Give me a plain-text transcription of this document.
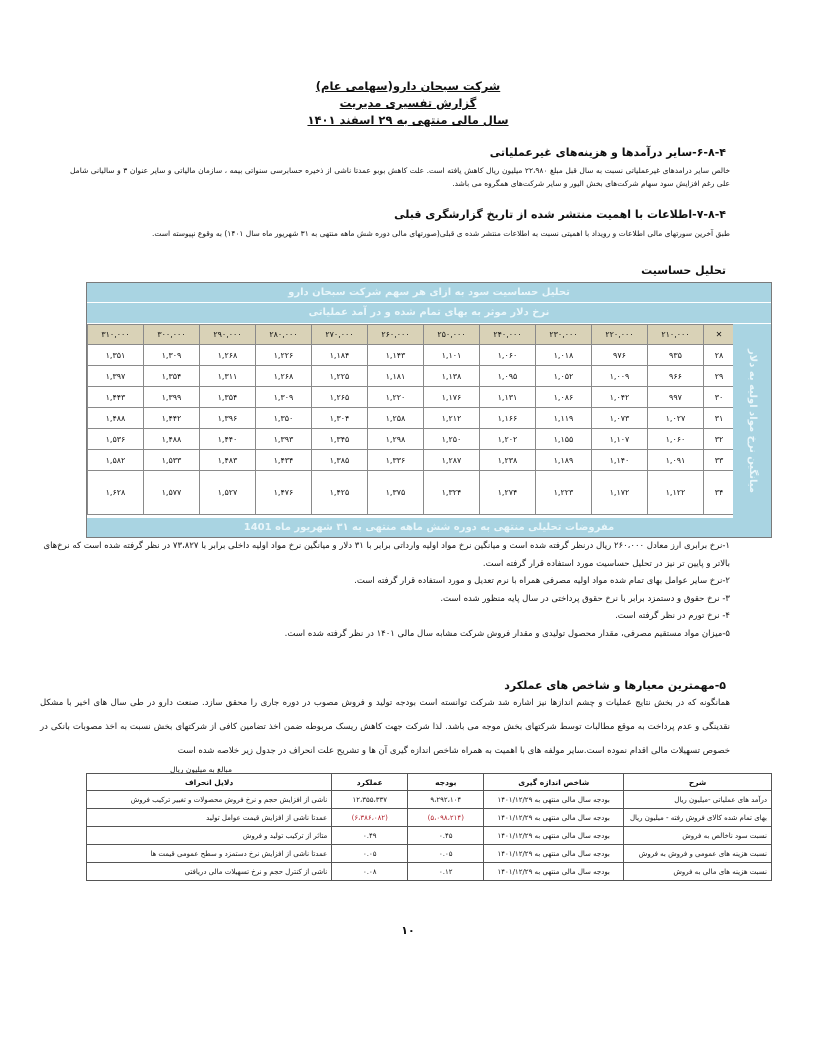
شرکت سبحان دارو(سهامی عام)
گزارش تفسیری مدیریت
سال مالی منتهی به ۲۹ اسفند ۱۴۰۱
۶-۸-۴-سایر درآمدها و هزینه‌های غیرعملیاتی
خالص سایر درامدهای غیرعملیاتی نسبت به سال قبل مبلغ ۲۲،۹۸۰ میلیون ریال کاهش یافته است. علت کاهش بوبو عمدتا ناشی از ذخیره حسابرسی سنواتی بیمه ، سازمان مالیاتی و سایر عنوان ۳ و سالیانی شامل علی رغم افزایش سود سهام شرکت‌های بخش الیور و سایر شرکت‌های همگروه می باشد.
۷-۸-۴-اطلاعات با اهمیت منتشر شده از تاریخ گزارشگری قبلی
طبق آخرین سورتهای مالی اطلاعات و رویداد با اهمیتی نسبت به اطلاعات منتشر شده ی قبلی(صورتهای مالی دوره شش ماهه منتهی به ۳۱ شهریور ماه سال ۱۴۰۱) به وقوع نپیوسته است.
تحلیل حساسیت
تحلیل حساسیت سود به ازای هر سهم شرکت سبحان دارو
نرخ دلار موثر به بهای تمام شده و در آمد عملیاتی
✕	۲۱۰,۰۰۰	۲۲۰,۰۰۰	۲۳۰,۰۰۰	۲۴۰,۰۰۰	۲۵۰,۰۰۰	۲۶۰,۰۰۰	۲۷۰,۰۰۰	۲۸۰,۰۰۰	۲۹۰,۰۰۰	۳۰۰,۰۰۰	۳۱۰,۰۰۰
۲۸	۹۳۵	۹۷۶	۱,۰۱۸	۱,۰۶۰	۱,۱۰۱	۱,۱۴۳	۱,۱۸۴	۱,۲۲۶	۱,۲۶۸	۱,۳۰۹	۱,۳۵۱
۲۹	۹۶۶	۱,۰۰۹	۱,۰۵۲	۱,۰۹۵	۱,۱۳۸	۱,۱۸۱	۱,۲۲۵	۱,۲۶۸	۱,۳۱۱	۱,۳۵۴	۱,۳۹۷
۳۰	۹۹۷	۱,۰۴۲	۱,۰۸۶	۱,۱۳۱	۱,۱۷۶	۱,۲۲۰	۱,۲۶۵	۱,۳۰۹	۱,۳۵۴	۱,۳۹۹	۱,۴۴۳
۳۱	۱,۰۲۷	۱,۰۷۳	۱,۱۱۹	۱,۱۶۶	۱,۲۱۲	۱,۲۵۸	۱,۳۰۴	۱,۳۵۰	۱,۳۹۶	۱,۴۴۲	۱,۴۸۸
۳۲	۱,۰۶۰	۱,۱۰۷	۱,۱۵۵	۱,۲۰۲	۱,۲۵۰	۱,۲۹۸	۱,۳۴۵	۱,۳۹۳	۱,۴۴۰	۱,۴۸۸	۱,۵۳۶
۳۳	۱,۰۹۱	۱,۱۴۰	۱,۱۸۹	۱,۲۳۸	۱,۲۸۷	۱,۳۳۶	۱,۳۸۵	۱,۴۳۴	۱,۴۸۳	۱,۵۳۳	۱,۵۸۲
۳۴	۱,۱۲۲	۱,۱۷۲	۱,۲۲۳	۱,۲۷۴	۱,۳۲۴	۱,۳۷۵	۱,۴۲۵	۱,۴۷۶	۱,۵۲۷	۱,۵۷۷	۱,۶۲۸	میانگین نرخ مواد اولیه به دلار
مفروضات تحلیلی منتهی به دوره شش ماهه منتهی به ۳۱ شهریور ماه 1401
۱-نرخ برابری ارز معادل ۲۶۰،۰۰۰ ریال درنظر گرفته شده است و میانگین نرخ مواد اولیه وارداتی برابر با ۳۱ دلار و میانگین نرخ مواد اولیه داخلی برابر با ۷۳،۸۲۷ در نظر گرفته شده است که نرخ‌های بالاتر و پایین تر نیز در تحلیل حساسیت مورد استفاده قرار گرفته است.
۲-نرخ سایر عوامل بهای تمام شده مواد اولیه مصرفی همراه با نرم تعدیل و مورد استفاده قرار گرفته است.
۳- نرخ حقوق و دستمزد برابر با نرخ حقوق پرداختی در سال پایه منظور شده است.
۴- نرخ تورم در نظر گرفته است.
۵-میزان مواد مستقیم مصرفی، مقدار محصول تولیدی و مقدار فروش شرکت مشابه سال مالی ۱۴۰۱ در نظر گرفته شده است.
۵-مهمترین معیارها و شاخص های عملکرد
همانگونه که در بخش نتایج عملیات و چشم اندازها نیز اشاره شد شرکت توانسته است بودجه تولید و فروش مصوب در دوره جاری را محقق سازد. صنعت دارو در طی سال های اخیر با مشکل نقدینگی و عدم پرداخت به موقع مطالبات توسط شرکتهای بخش موجه می باشد. لذا شرکت جهت کاهش ریسک مربوطه ضمن اخذ تضامین کافی از شرکتهای بخش نسبت به اخذ مصوبات بانکی در خصوص تسهیلات مالی اقدام نموده است.سایر مولفه های با اهمیت به همراه شاخص اندازه گیری آن ها و تشریح علت انحراف در جدول زیر خلاصه شده است
مبالغ به میلیون ریال
شرح	شاخص اندازه گیری	بودجه	عملکرد	دلایل انحراف
درآمد های عملیاتی -میلیون ریال	بودجه سال مالی منتهی به ۱۴۰۱/۱۲/۲۹	۹،۲۹۲،۱۰۴	۱۲،۳۵۵،۳۳۷	ناشی از افزایش حجم و نرخ فروش محصولات و تغییر ترکیب فروش
بهای تمام شده کالای فروش رفته - میلیون ریال	بودجه سال مالی منتهی به ۱۴۰۱/۱۲/۲۹	(۵،۰۹۸،۲۱۴)	(۶،۳۸۶،۰۸۲)	عمدتا ناشی از افزایش قیمت عوامل تولید
نسبت سود ناخالص به فروش	بودجه سال مالی منتهی به ۱۴۰۱/۱۲/۲۹	۰.۴۵	۰.۴۹	متاثر از ترکیب تولید و فروش
نسبت هزینه های عمومی و فروش به فروش	بودجه سال مالی منتهی به ۱۴۰۱/۱۲/۲۹	۰.۰۵	۰.۰۵	عمدتا ناشی از افزایش نرخ دستمزد و سطح عمومی قیمت ها
نسبت هزینه های مالی به فروش	بودجه سال مالی منتهی به ۱۴۰۱/۱۲/۲۹	۰.۱۲	۰.۰۸	ناشی از کنترل حجم و نرخ تسهیلات مالی دریافتی
۱۰
